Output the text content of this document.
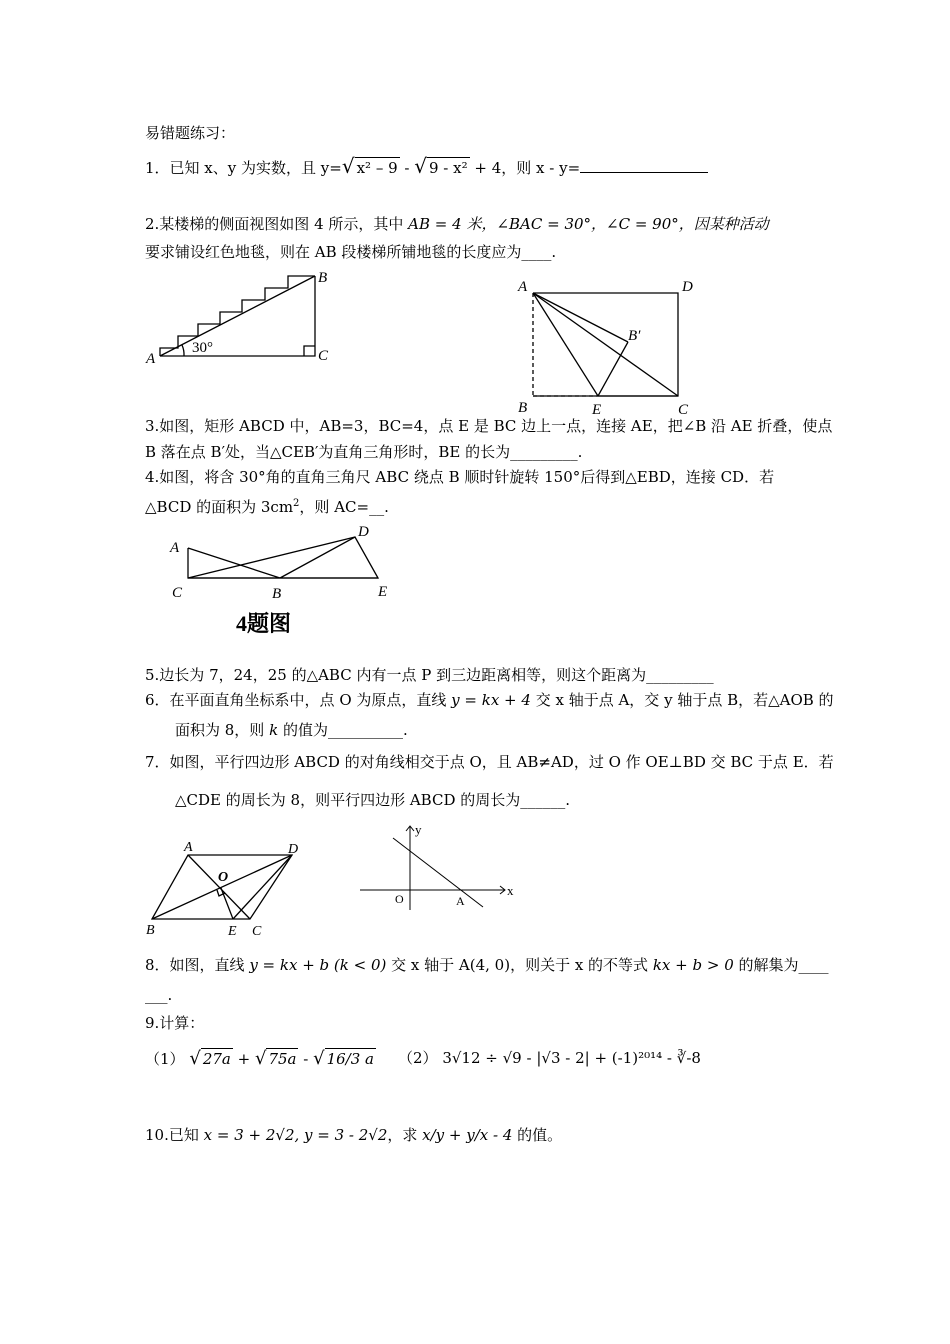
易错题练习：
1．已知 x、y 为实数，且 y=√ x² – 9 - √ 9 - x² + 4，则 x - y=
2.某楼梯的侧面视图如图 4 所示，其中 AB = 4 米，∠BAC = 30°，∠C = 90°，因某种活动
要求铺设红色地毯，则在 AB 段楼梯所铺地毯的长度应为____.
A
B
C
30°
A	D
B′
B	E	C
3.如图，矩形 ABCD 中，AB=3，BC=4，点 E 是 BC 边上一点，连接 AE，把∠B 沿 AE 折叠，使点
B 落在点 B′处，当△CEB′为直角三角形时，BE 的长为_________.
4.如图，将含 30°角的直角三角尺 ABC 绕点 B 顺时针旋转 150°后得到△EBD，连接 CD．若
△BCD 的面积为 $3cm^2$，则 AC=__.
A
D
C	B	E
4题图
5.边长为 7，24，25 的△ABC 内有一点 P 到三边距离相等，则这个距离为_________
6．在平面直角坐标系中，点 O 为原点，直线 y = kx + 4 交 x 轴于点 A，交 y 轴于点 B，若△AOB 的
面积为 8，则 k 的值为__________.
7．如图，平行四边形 ABCD 的对角线相交于点 O，且 AB≠AD，过 O 作 OE⊥BD 交 BC 于点 E．若
△CDE 的周长为 8，则平行四边形 ABCD 的周长为______.
A	D
O
B	E C
y
x
O	A
8．如图，直线 y = kx + b (k < 0) 交 x 轴于 A(4, 0)，则关于 x 的不等式 kx + b > 0 的解集为____
___.
9.计算：
（1） √ 27a + √ 75a - √ 16/3 a （2） 3√12 ÷ √9 - |√3 - 2| + (-1)²⁰¹⁴ - ∛-8
10.已知 x = 3 + 2√2, y = 3 - 2√2，求 x/y + y/x - 4 的值。
